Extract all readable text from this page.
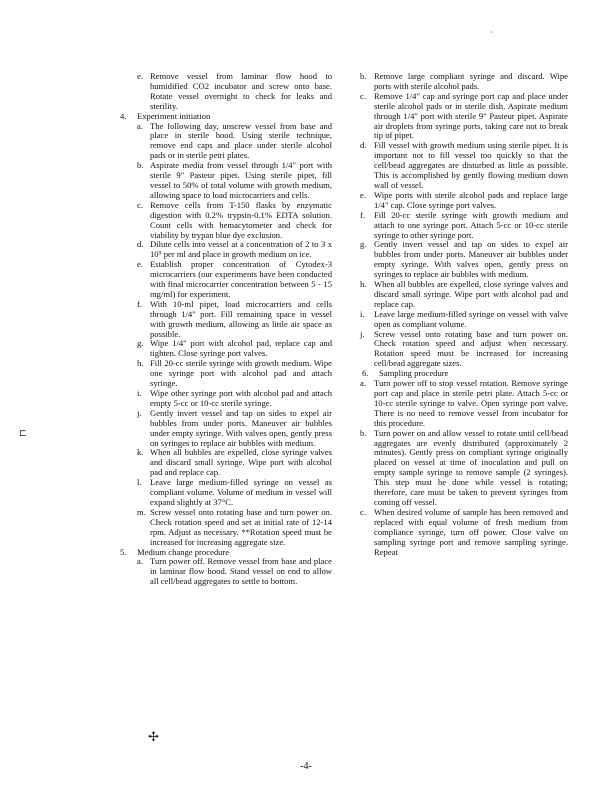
e. Remove vessel from laminar flow hood to humidified CO2 incubator and screw onto base. Rotate vessel overnight to check for leaks and sterility.
4.	Experiment initiation
a. The following day, unscrew vessel from base and place in sterile hood. Using sterile technique, remove end caps and place under sterile alcohol pads or in sterile petri plates.
b. Aspirate media from vessel through 1/4" port with sterile 9" Pasteur pipet. Using sterile pipet, fill vessel to 50% of total volume with growth medium, allowing space to load microcarriers and cells.
c. Remove cells from T-150 flasks by enzymatic digestion with 0.2% trypsin-0.1% EDTA solution. Count cells with hemacytometer and check for viability by trypan blue dye exclusion.
d. Dilute cells into vessel at a concentration of 2 to 3 x 10⁵ per ml and place in growth medium on ice.
e. Establish proper concentration of Cytodex-3 microcarriers (our experiments have been conducted with final microcarrier concentration between 5 - 15 mg/ml) for experiment.
f. With 10-ml pipet, load microcarriers and cells through 1/4" port. Fill remaining space in vessel with growth medium, allowing as little air space as possible.
g. Wipe 1/4" port with alcohol pad, replace cap and tighten. Close syringe port valves.
h. Fill 20-cc sterile syringe with growth medium. Wipe one syringe port with alcohol pad and attach syringe.
i. Wipe other syringe port with alcohol pad and attach empty 5-cc or 10-cc sterile syringe.
j. Gently invert vessel and tap on sides to expel air bubbles from under ports. Maneuver air bubbles under empty syringe. With valves open, gently press on syringes to replace air bubbles with medium.
k. When all bubbles are expelled, close syringe valves and discard small syringe. Wipe port with alcohol pad and replace cap.
l. Leave large medium-filled syringe on vessel as compliant volume. Volume of medium in vessel will expand slightly at 37°C.
m. Screw vessel onto rotating base and turn power on. Check rotation speed and set at initial rate of 12-14 rpm. Adjust as necessary. **Rotation speed must be increased for increasing aggregate size.
5.	Medium change procedure
a. Turn power off. Remove vessel from base and place in laminar flow hood. Stand vessel on end to allow all cell/bead aggregates to settle to bottom.
b. Remove large compliant syringe and discard. Wipe ports with sterile alcohol pads.
c. Remove 1/4" cap and syringe port cap and place under sterile alcohol pads or in sterile dish. Aspirate medium through 1/4" port with sterile 9" Pasteur pipet. Aspirate air droplets from syringe ports, taking care not to break tip of pipet.
d. Fill vessel with growth medium using sterile pipet. It is important not to fill vessel too quickly so that the cell/bead aggregates are disturbed as little as possible. This is accomplished by gently flowing medium down wall of vessel.
e. Wipe ports with sterile alcohol pads and replace large 1/4" cap. Close syringe port valves.
f.	Fill 20-cc sterile syringe with growth medium and attach to one syringe port. Attach 5-cc or 10-cc sterile syringe to other syringe port.
g. Gently invert vessel and tap on sides to expel air bubbles from under ports. Maneuver air bubbles under empty syringe. With valves open, gently press on syringes to replace air bubbles with medium.
h. When all bubbles are expelled, close syringe valves and discard small syringe. Wipe port with alcohol pad and replace cap.
i.	Leave large medium-filled syringe on vessel with valve open as compliant volume.
j.	Screw vessel onto rotating base and turn power on. Check rotation speed and adjust when necessary. Rotation speed must be increased for increasing cell/bead aggregate sizes.
6.	Sampling procedure
a. Turn power off to stop vessel rotation. Remove syringe port cap and place in sterile petri plate. Attach 5-cc or 10-cc sterile syringe to valve. Open syringe port valve. There is no need to remove vessel from incubator for this procedure.
b. Turn power on and allow vessel to rotate until cell/bead aggregates are evenly distributed (approximately 2 minutes). Gently press on compliant syringe originally placed on vessel at time of inoculation and pull on empty sample syringe to remove sample (2 syringes). This step must be done while vessel is rotating; therefore, care must be taken to prevent syringes from coming off vessel.
c. When desired volume of sample has been removed and replaced with equal volume of fresh medium from compliance syringe, turn off power. Close valve on sampling syringe port and remove sampling syringe. Repeat
·
⊏
✢
-4-
